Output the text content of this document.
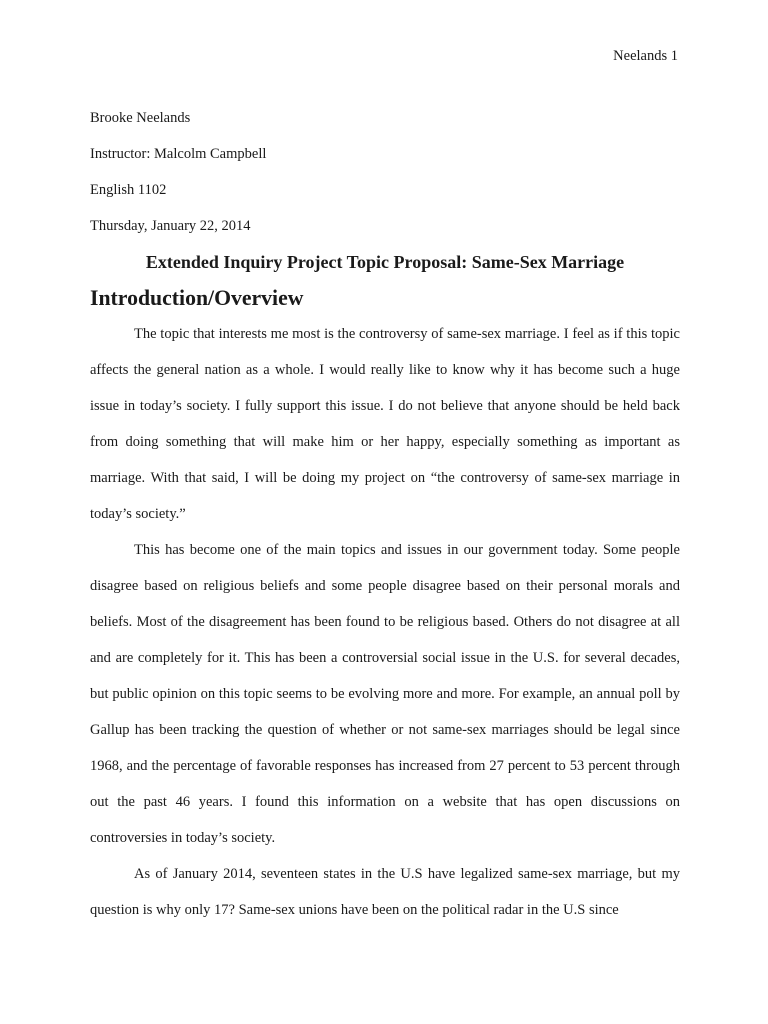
Neelands 1

Brooke Neelands

Instructor: Malcolm Campbell

English 1102

Thursday, January 22, 2014

Extended Inquiry Project Topic Proposal: Same-Sex Marriage
Introduction/Overview

The topic that interests me most is the controversy of same-sex marriage. I feel as if this topic affects the general nation as a whole. I would really like to know why it has become such a huge issue in today’s society. I fully support this issue. I do not believe that anyone should be held back from doing something that will make him or her happy, especially something as important as marriage. With that said, I will be doing my project on “the controversy of same-sex marriage in today’s society.”

This has become one of the main topics and issues in our government today. Some people disagree based on religious beliefs and some people disagree based on their personal morals and beliefs. Most of the disagreement has been found to be religious based. Others do not disagree at all and are completely for it. This has been a controversial social issue in the U.S. for several decades, but public opinion on this topic seems to be evolving more and more. For example, an annual poll by Gallup has been tracking the question of whether or not same-sex marriages should be legal since 1968, and the percentage of favorable responses has increased from 27 percent to 53 percent through out the past 46 years. I found this information on a website that has open discussions on controversies in today’s society.

As of January 2014, seventeen states in the U.S have legalized same-sex marriage, but my question is why only 17? Same-sex unions have been on the political radar in the U.S since
